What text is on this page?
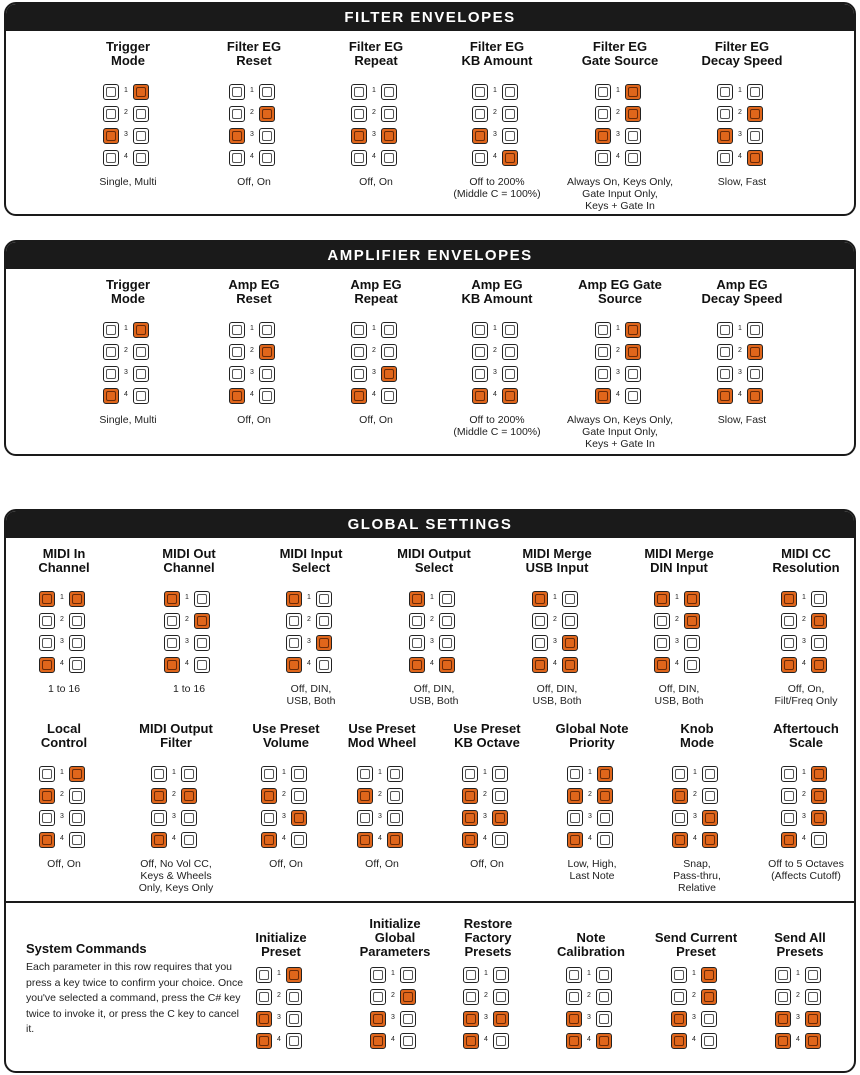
FILTER ENVELOPES
Trigger
Mode
1
2
3
4
Single, Multi
Filter EG
Reset
1
2
3
4
Off, On
Filter EG
Repeat
1
2
3
4
Off, On
Filter EG
KB Amount
1
2
3
4
Off to 200%
(Middle C = 100%)
Filter EG
Gate Source
1
2
3
4
Always On, Keys Only,
Gate Input Only,
Keys + Gate In
Filter EG
Decay Speed
1
2
3
4
Slow, Fast
AMPLIFIER ENVELOPES
Trigger
Mode
1
2
3
4
Single, Multi
Amp EG
Reset
1
2
3
4
Off, On
Amp EG
Repeat
1
2
3
4
Off, On
Amp EG
KB Amount
1
2
3
4
Off to 200%
(Middle C = 100%)
Amp EG Gate
Source
1
2
3
4
Always On, Keys Only,
Gate Input Only,
Keys + Gate In
Amp EG
Decay Speed
1
2
3
4
Slow, Fast
GLOBAL SETTINGS
MIDI In
Channel
1
2
3
4
1 to 16
MIDI Out
Channel
1
2
3
4
1 to 16
MIDI Input
Select
1
2
3
4
Off, DIN,
USB, Both
MIDI Output
Select
1
2
3
4
Off, DIN,
USB, Both
MIDI Merge
USB Input
1
2
3
4
Off, DIN,
USB, Both
MIDI Merge
DIN Input
1
2
3
4
Off, DIN,
USB, Both
MIDI CC
Resolution
1
2
3
4
Off, On,
Filt/Freq Only
Local
Control
1
2
3
4
Off, On
MIDI Output
Filter
1
2
3
4
Off, No Vol CC,
Keys & Wheels
Only, Keys Only
Use Preset
Volume
1
2
3
4
Off, On
Use Preset
Mod Wheel
1
2
3
4
Off, On
Use Preset
KB Octave
1
2
3
4
Off, On
Global Note
Priority
1
2
3
4
Low, High,
Last Note
Knob
Mode
1
2
3
4
Snap,
Pass-thru,
Relative
Aftertouch
Scale
1
2
3
4
Off to 5 Octaves
(Affects Cutoff)
System Commands
Each parameter in this row requires that you press a key twice to confirm your choice. Once you've selected a command, press the C# key twice to invoke it, or press the C key to cancel it.
Initialize
Preset
1
2
3
4
Initialize
Global
Parameters
1
2
3
4
Restore
Factory
Presets
1
2
3
4
Note
Calibration
1
2
3
4
Send Current
Preset
1
2
3
4
Send All
Presets
1
2
3
4
